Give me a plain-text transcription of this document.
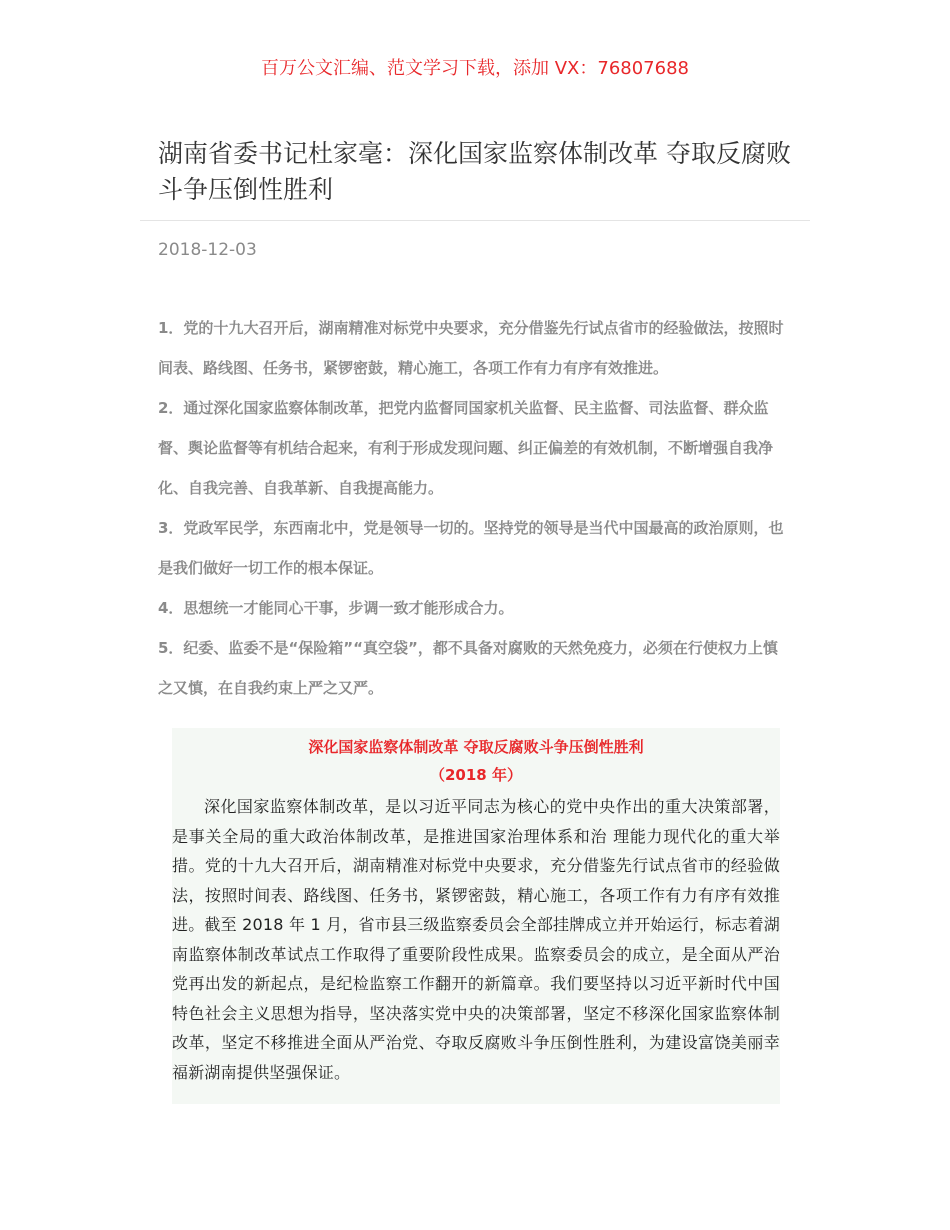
百万公文汇编、范文学习下载，添加 VX：76807688
湖南省委书记杜家毫：深化国家监察体制改革 夺取反腐败斗争压倒性胜利
2018-12-03
1．党的十九大召开后，湖南精准对标党中央要求，充分借鉴先行试点省市的经验做法，按照时间表、路线图、任务书，紧锣密鼓，精心施工，各项工作有力有序有效推进。
2．通过深化国家监察体制改革，把党内监督同国家机关监督、民主监督、司法监督、群众监督、舆论监督等有机结合起来，有利于形成发现问题、纠正偏差的有效机制，不断增强自我净化、自我完善、自我革新、自我提高能力。
3．党政军民学，东西南北中，党是领导一切的。坚持党的领导是当代中国最高的政治原则，也是我们做好一切工作的根本保证。
4．思想统一才能同心干事，步调一致才能形成合力。
5．纪委、监委不是“保险箱”“真空袋”，都不具备对腐败的天然免疫力，必须在行使权力上慎之又慎，在自我约束上严之又严。
深化国家监察体制改革 夺取反腐败斗争压倒性胜利
（2018 年）

深化国家监察体制改革，是以习近平同志为核心的党中央作出的重大决策部署，是事关全局的重大政治体制改革，是推进国家治理体系和治 理能力现代化的重大举措。党的十九大召开后，湖南精准对标党中央要求，充分借鉴先行试点省市的经验做法，按照时间表、路线图、任务书，紧锣密鼓，精心施工，各项工作有力有序有效推进。截至 2018 年 1 月，省市县三级监察委员会全部挂牌成立并开始运行，标志着湖南监察体制改革试点工作取得了重要阶段性成果。监察委员会的成立，是全面从严治党再出发的新起点，是纪检监察工作翻开的新篇章。我们要坚持以习近平新时代中国特色社会主义思想为指导，坚决落实党中央的决策部署，坚定不移深化国家监察体制改革，坚定不移推进全面从严治党、夺取反腐败斗争压倒性胜利，为建设富饶美丽幸福新湖南提供坚强保证。
